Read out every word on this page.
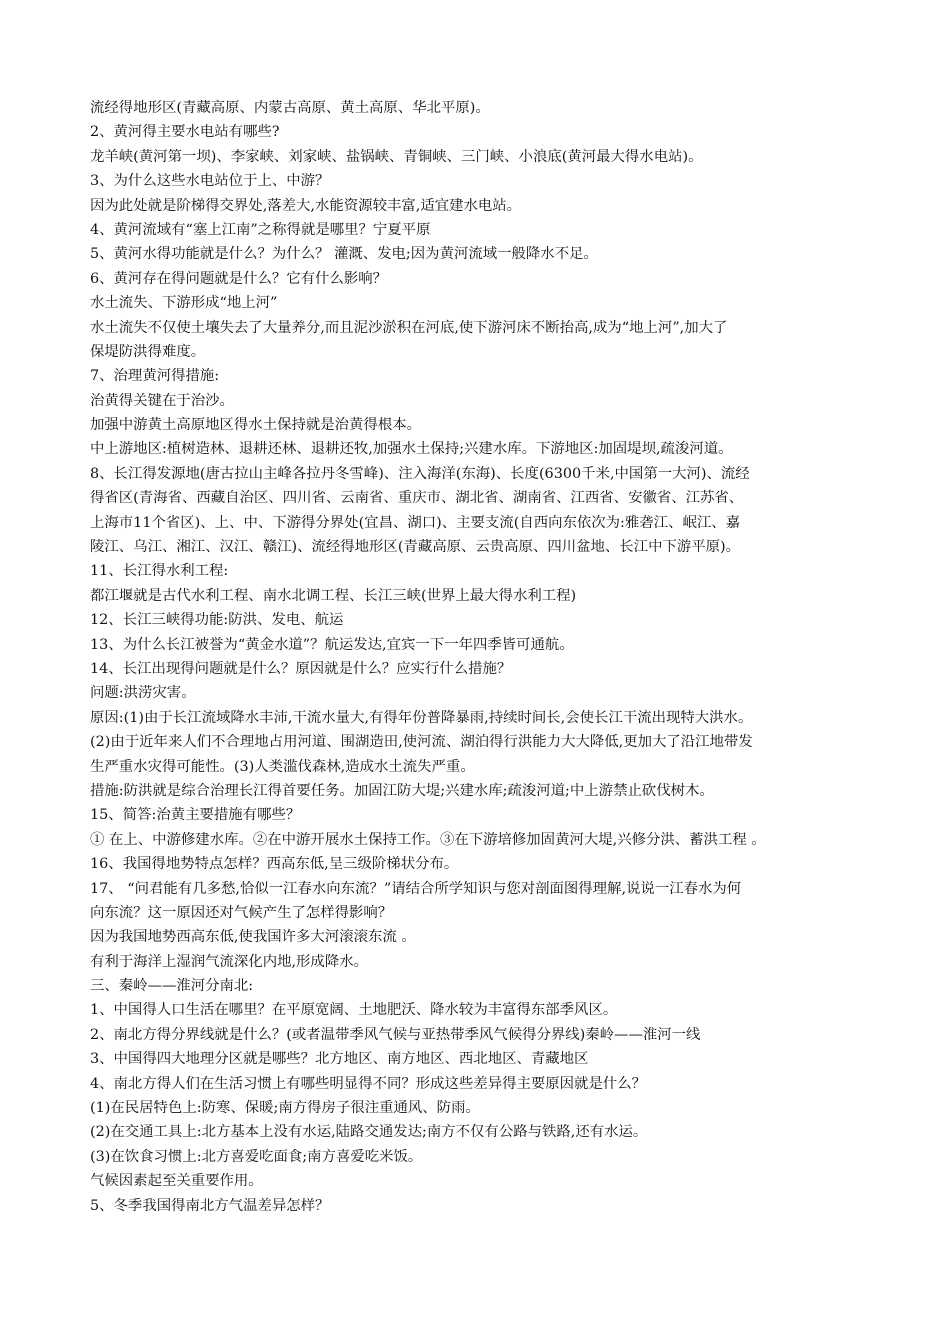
流经得地形区(青藏高原、内蒙古高原、黄土高原、华北平原)。

2、黄河得主要水电站有哪些?

龙羊峡(黄河第一坝)、李家峡、刘家峡、盐锅峡、青铜峡、三门峡、小浪底(黄河最大得水电站)。

3、为什么这些水电站位于上、中游？

因为此处就是阶梯得交界处,落差大,水能资源较丰富,适宜建水电站。

4、黄河流域有“塞上江南”之称得就是哪里？宁夏平原

5、黄河水得功能就是什么？为什么？ 灌溉、发电;因为黄河流域一般降水不足。

6、黄河存在得问题就是什么？它有什么影响？

水土流失、下游形成“地上河”

水土流失不仅使土壤失去了大量养分,而且泥沙淤积在河底,使下游河床不断抬高,成为“地上河”,加大了

保堤防洪得难度。

7、治理黄河得措施:

治黄得关键在于治沙。

加强中游黄土高原地区得水土保持就是治黄得根本。

中上游地区:植树造林、退耕还林、退耕还牧,加强水土保持;兴建水库。下游地区:加固堤坝,疏浚河道。

8、长江得发源地(唐古拉山主峰各拉丹冬雪峰)、注入海洋(东海)、长度(6300千米,中国第一大河)、流经

得省区(青海省、西藏自治区、四川省、云南省、重庆市、湖北省、湖南省、江西省、安徽省、江苏省、

上海市11个省区)、上、中、下游得分界处(宜昌、湖口)、主要支流(自西向东依次为:雅砻江、岷江、嘉

陵江、乌江、湘江、汉江、赣江)、流经得地形区(青藏高原、云贵高原、四川盆地、长江中下游平原)。

11、长江得水利工程:

都江堰就是古代水利工程、南水北调工程、长江三峡(世界上最大得水利工程)

12、长江三峡得功能:防洪、发电、航运

13、为什么长江被誉为“黄金水道”？航运发达,宜宾一下一年四季皆可通航。

14、长江出现得问题就是什么？原因就是什么？应实行什么措施？

问题:洪涝灾害。

原因:(1)由于长江流域降水丰沛,干流水量大,有得年份普降暴雨,持续时间长,会使长江干流出现特大洪水。

(2)由于近年来人们不合理地占用河道、围湖造田,使河流、湖泊得行洪能力大大降低,更加大了沿江地带发

生严重水灾得可能性。(3)人类滥伐森林,造成水土流失严重。

措施:防洪就是综合治理长江得首要任务。加固江防大堤;兴建水库;疏浚河道;中上游禁止砍伐树木。

15、简答:治黄主要措施有哪些？

① 在上、中游修建水库。②在中游开展水土保持工作。③在下游培修加固黄河大堤,兴修分洪、蓄洪工程 。

16、我国得地势特点怎样？西高东低,呈三级阶梯状分布。

17、 “问君能有几多愁,恰似一江春水向东流？”请结合所学知识与您对剖面图得理解,说说一江春水为何

向东流？这一原因还对气候产生了怎样得影响？

因为我国地势西高东低,使我国许多大河滚滚东流 。

有利于海洋上湿润气流深化内地,形成降水。

三、秦岭——淮河分南北:

1、中国得人口生活在哪里？在平原宽阔、土地肥沃、降水较为丰富得东部季风区。

2、南北方得分界线就是什么？(或者温带季风气候与亚热带季风气候得分界线)秦岭——淮河一线

3、中国得四大地理分区就是哪些？北方地区、南方地区、西北地区、青藏地区

4、南北方得人们在生活习惯上有哪些明显得不同？形成这些差异得主要原因就是什么？

(1)在民居特色上:防寒、保暖;南方得房子很注重通风、防雨。

(2)在交通工具上:北方基本上没有水运,陆路交通发达;南方不仅有公路与铁路,还有水运。

(3)在饮食习惯上:北方喜爱吃面食;南方喜爱吃米饭。

气候因素起至关重要作用。

5、冬季我国得南北方气温差异怎样？
